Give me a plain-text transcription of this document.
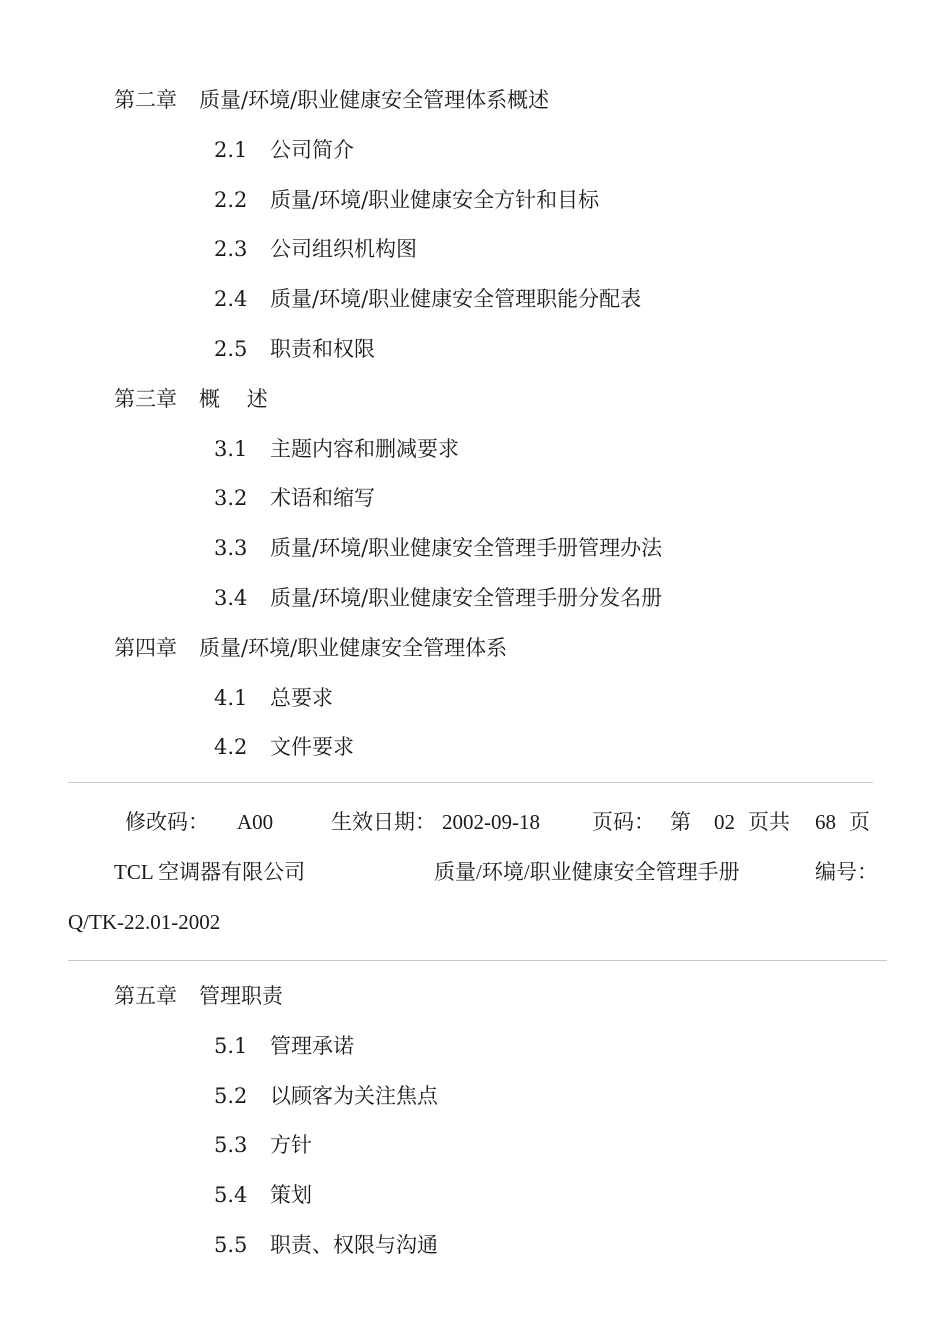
第二章 质量/环境/职业健康安全管理体系概述
2.1 公司简介
2.2 质量/环境/职业健康安全方针和目标
2.3 公司组织机构图
2.4 质量/环境/职业健康安全管理职能分配表
2.5 职责和权限
第三章 概    述
3.1 主题内容和删减要求
3.2 术语和缩写
3.3 质量/环境/职业健康安全管理手册管理办法
3.4 质量/环境/职业健康安全管理手册分发名册
第四章 质量/环境/职业健康安全管理体系
4.1 总要求
4.2 文件要求
修改码： A00	生效日期： 2002-09-18 页码： 第 02 页共 68 页
TCL 空调器有限公司	质量/环境/职业健康安全管理手册	编号：
Q/TK-22.01-2002
第五章 管理职责
5.1 管理承诺
5.2 以顾客为关注焦点
5.3 方针
5.4 策划
5.5 职责、权限与沟通
